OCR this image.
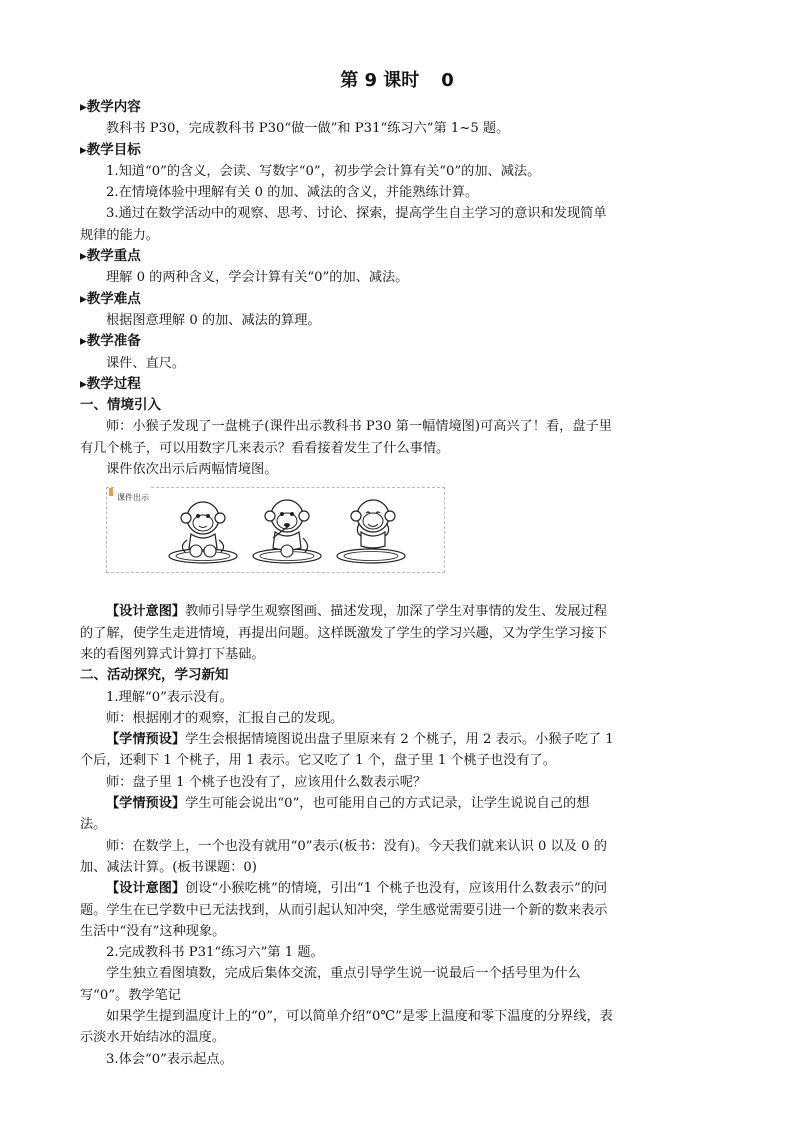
第 9 课时 0

▸教学内容

教科书 P30，完成教科书 P30“做一做”和 P31“练习六”第 1~5 题。

▸教学目标

1.知道“0”的含义，会读、写数字“0”，初步学会计算有关“0”的加、减法。

2.在情境体验中理解有关 0 的加、减法的含义，并能熟练计算。

3.通过在数学活动中的观察、思考、讨论、探索，提高学生自主学习的意识和发现简单规律的能力。

▸教学重点

理解 0 的两种含义，学会计算有关“0”的加、减法。

▸教学难点

根据图意理解 0 的加、减法的算理。

▸教学准备

课件、直尺。

▸教学过程

一、情境引入

师：小猴子发现了一盘桃子(课件出示教科书 P30 第一幅情境图)可高兴了！看，盘子里有几个桃子，可以用数字几来表示？看看接着发生了什么事情。

课件依次出示后两幅情境图。

课件出示

【设计意图】教师引导学生观察图画、描述发现，加深了学生对事情的发生、发展过程的了解，使学生走进情境，再提出问题。这样既激发了学生的学习兴趣，又为学生学习接下来的看图列算式计算打下基础。

二、活动探究，学习新知

1.理解“0”表示没有。

师：根据刚才的观察，汇报自己的发现。

【学情预设】学生会根据情境图说出盘子里原来有 2 个桃子，用 2 表示。小猴子吃了 1 个后，还剩下 1 个桃子，用 1 表示。它又吃了 1 个，盘子里 1 个桃子也没有了。

师：盘子里 1 个桃子也没有了，应该用什么数表示呢？

【学情预设】学生可能会说出“0”，也可能用自己的方式记录，让学生说说自己的想法。

师：在数学上，一个也没有就用“0”表示(板书：没有)。今天我们就来认识 0 以及 0 的加、减法计算。(板书课题：0)

【设计意图】创设“小猴吃桃”的情境，引出“1 个桃子也没有，应该用什么数表示”的问题。学生在已学数中已无法找到，从而引起认知冲突，学生感觉需要引进一个新的数来表示生活中“没有”这种现象。

2.完成教科书 P31“练习六”第 1 题。

学生独立看图填数，完成后集体交流，重点引导学生说一说最后一个括号里为什么写“0”。教学笔记

如果学生提到温度计上的“0”，可以简单介绍“0℃”是零上温度和零下温度的分界线，表示淡水开始结冰的温度。

3.体会“0”表示起点。
